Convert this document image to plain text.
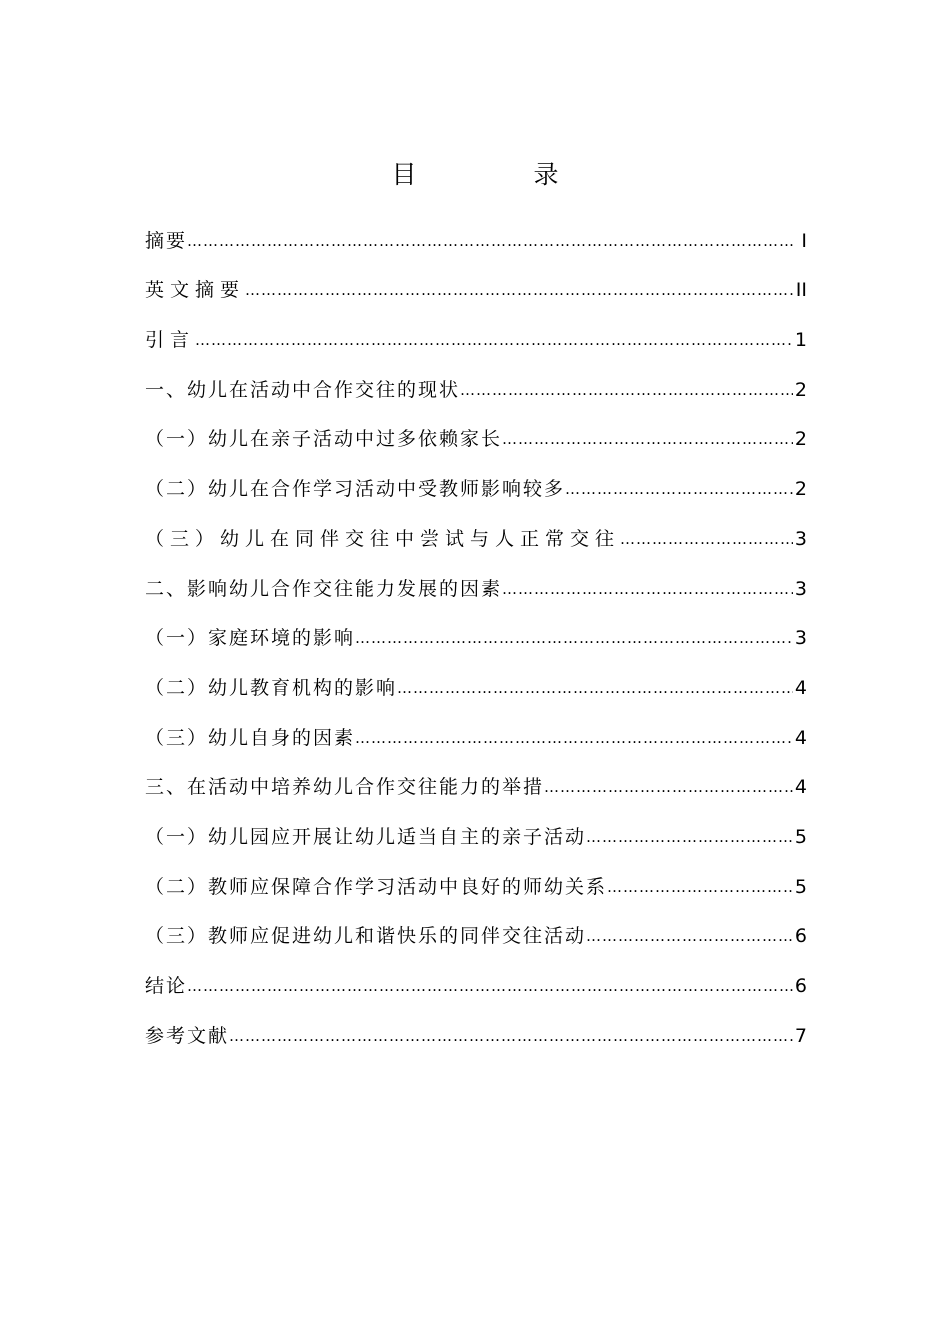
目　录
摘要 ……………………………………………………………………………………………………………………………………………………………………………………………………………………	I
英文摘要 ……………………………………………………………………………………………………………………………………………………………………………………………………………………	II
引言 ……………………………………………………………………………………………………………………………………………………………………………………………………………………	1
一、幼儿在活动中合作交往的现状 ……………………………………………………………………………………………………………………………………………………………………………………………………………………	2
（一）幼儿在亲子活动中过多依赖家长 ……………………………………………………………………………………………………………………………………………………………………………………………………………………	2
（二）幼儿在合作学习活动中受教师影响较多 ……………………………………………………………………………………………………………………………………………………………………………………………………………………	2
（三）幼儿在同伴交往中尝试与人正常交往 ……………………………………………………………………………………………………………………………………………………………………………………………………………………	3
二、影响幼儿合作交往能力发展的因素 ……………………………………………………………………………………………………………………………………………………………………………………………………………………	3
（一）家庭环境的影响 ……………………………………………………………………………………………………………………………………………………………………………………………………………………	3
（二）幼儿教育机构的影响 ……………………………………………………………………………………………………………………………………………………………………………………………………………………	4
（三）幼儿自身的因素 ……………………………………………………………………………………………………………………………………………………………………………………………………………………	4
三、在活动中培养幼儿合作交往能力的举措 ……………………………………………………………………………………………………………………………………………………………………………………………………………………	4
（一）幼儿园应开展让幼儿适当自主的亲子活动 ……………………………………………………………………………………………………………………………………………………………………………………………………………………	5
（二）教师应保障合作学习活动中良好的师幼关系 ……………………………………………………………………………………………………………………………………………………………………………………………………………………	5
（三）教师应促进幼儿和谐快乐的同伴交往活动 ……………………………………………………………………………………………………………………………………………………………………………………………………………………	6
结论 ……………………………………………………………………………………………………………………………………………………………………………………………………………………	6
参考文献 ……………………………………………………………………………………………………………………………………………………………………………………………………………………	7
